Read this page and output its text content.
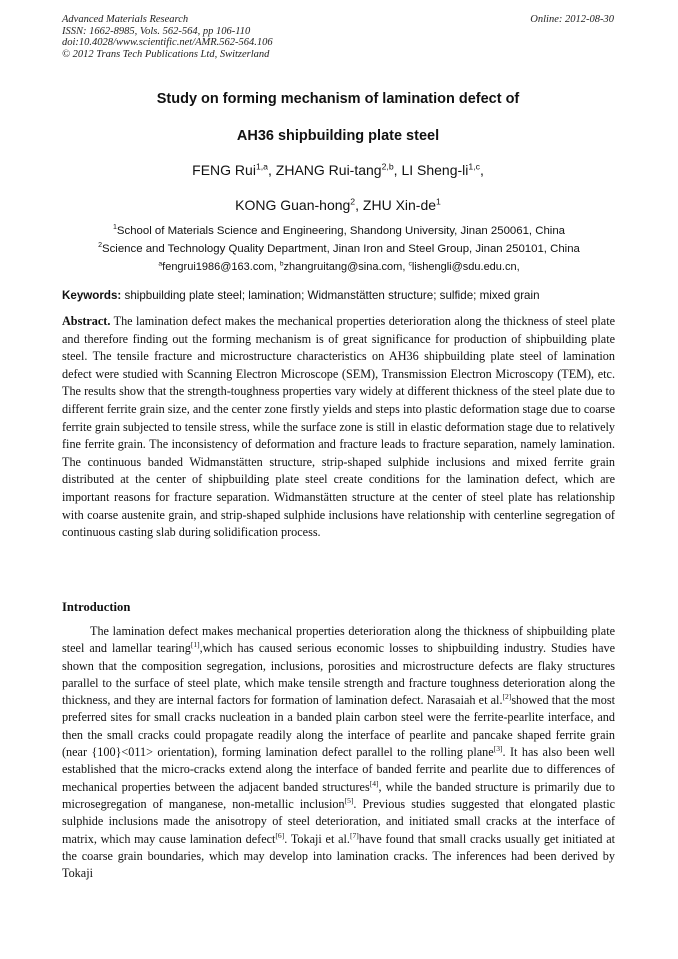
Advanced Materials Research
ISSN: 1662-8985, Vols. 562-564, pp 106-110
doi:10.4028/www.scientific.net/AMR.562-564.106
© 2012 Trans Tech Publications Ltd, Switzerland
Online: 2012-08-30
Study on forming mechanism of lamination defect of
AH36 shipbuilding plate steel
FENG Rui$^{1,a}$, ZHANG Rui-tang$^{2,b}$, LI Sheng-li$^{1,c}$,
KONG Guan-hong$^2$, ZHU Xin-$de^1$
$^1$School of Materials Science and Engineering, Shandong University, Jinan 250061, China
$^2$Science and Technology Quality Department, Jinan Iron and Steel Group, Jinan 250101, China
$^a$fengrui1986@163.com, $^b$zhangruitang@sina.com, $^c$lishengli@sdu.edu.cn,
Keywords: shipbuilding plate steel; lamination; Widmanstätten structure; sulfide; mixed grain
Abstract. The lamination defect makes the mechanical properties deterioration along the thickness of steel plate and therefore finding out the forming mechanism is of great significance for production of shipbuilding plate steel. The tensile fracture and microstructure characteristics on AH36 shipbuilding plate steel of lamination defect were studied with Scanning Electron Microscope (SEM), Transmission Electron Microscopy (TEM), etc. The results show that the strength-toughness properties vary widely at different thickness of the steel plate due to different ferrite grain size, and the center zone firstly yields and steps into plastic deformation stage due to coarse ferrite grain subjected to tensile stress, while the surface zone is still in elastic deformation stage due to relatively fine ferrite grain. The inconsistency of deformation and fracture leads to fracture separation, namely lamination. The continuous banded Widmanstätten structure, strip-shaped sulphide inclusions and mixed ferrite grain distributed at the center of shipbuilding plate steel create conditions for the lamination defect, which are important reasons for fracture separation. Widmanstätten structure at the center of steel plate has relationship with coarse austenite grain, and strip-shaped sulphide inclusions have relationship with centerline segregation of continuous casting slab during solidification process.
Introduction
The lamination defect makes mechanical properties deterioration along the thickness of shipbuilding plate steel and lamellar tearing[1],which has caused serious economic losses to shipbuilding industry. Studies have shown that the composition segregation, inclusions, porosities and microstructure defects are flaky structures parallel to the surface of steel plate, which make tensile strength and fracture toughness deterioration along the thickness, and they are internal factors for formation of lamination defect. Narasaiah et al.[2]showed that the most preferred sites for small cracks nucleation in a banded plain carbon steel were the ferrite-pearlite interface, and then the small cracks could propagate readily along the interface of pearlite and pancake shaped ferrite grain (near {100}<011> orientation), forming lamination defect parallel to the rolling plane[3]. It has also been well established that the micro-cracks extend along the interface of banded ferrite and pearlite due to differences of mechanical properties between the adjacent banded structures[4], while the banded structure is primarily due to microsegregation of manganese, non-metallic inclusion[5]. Previous studies suggested that elongated plastic sulphide inclusions made the anisotropy of steel deterioration, and initiated small cracks at the interface of matrix, which may cause lamination defect[6]. Tokaji et al.[7]have found that small cracks usually get initiated at the coarse grain boundaries, which may develop into lamination cracks. The inferences had been derived by Tokaji
